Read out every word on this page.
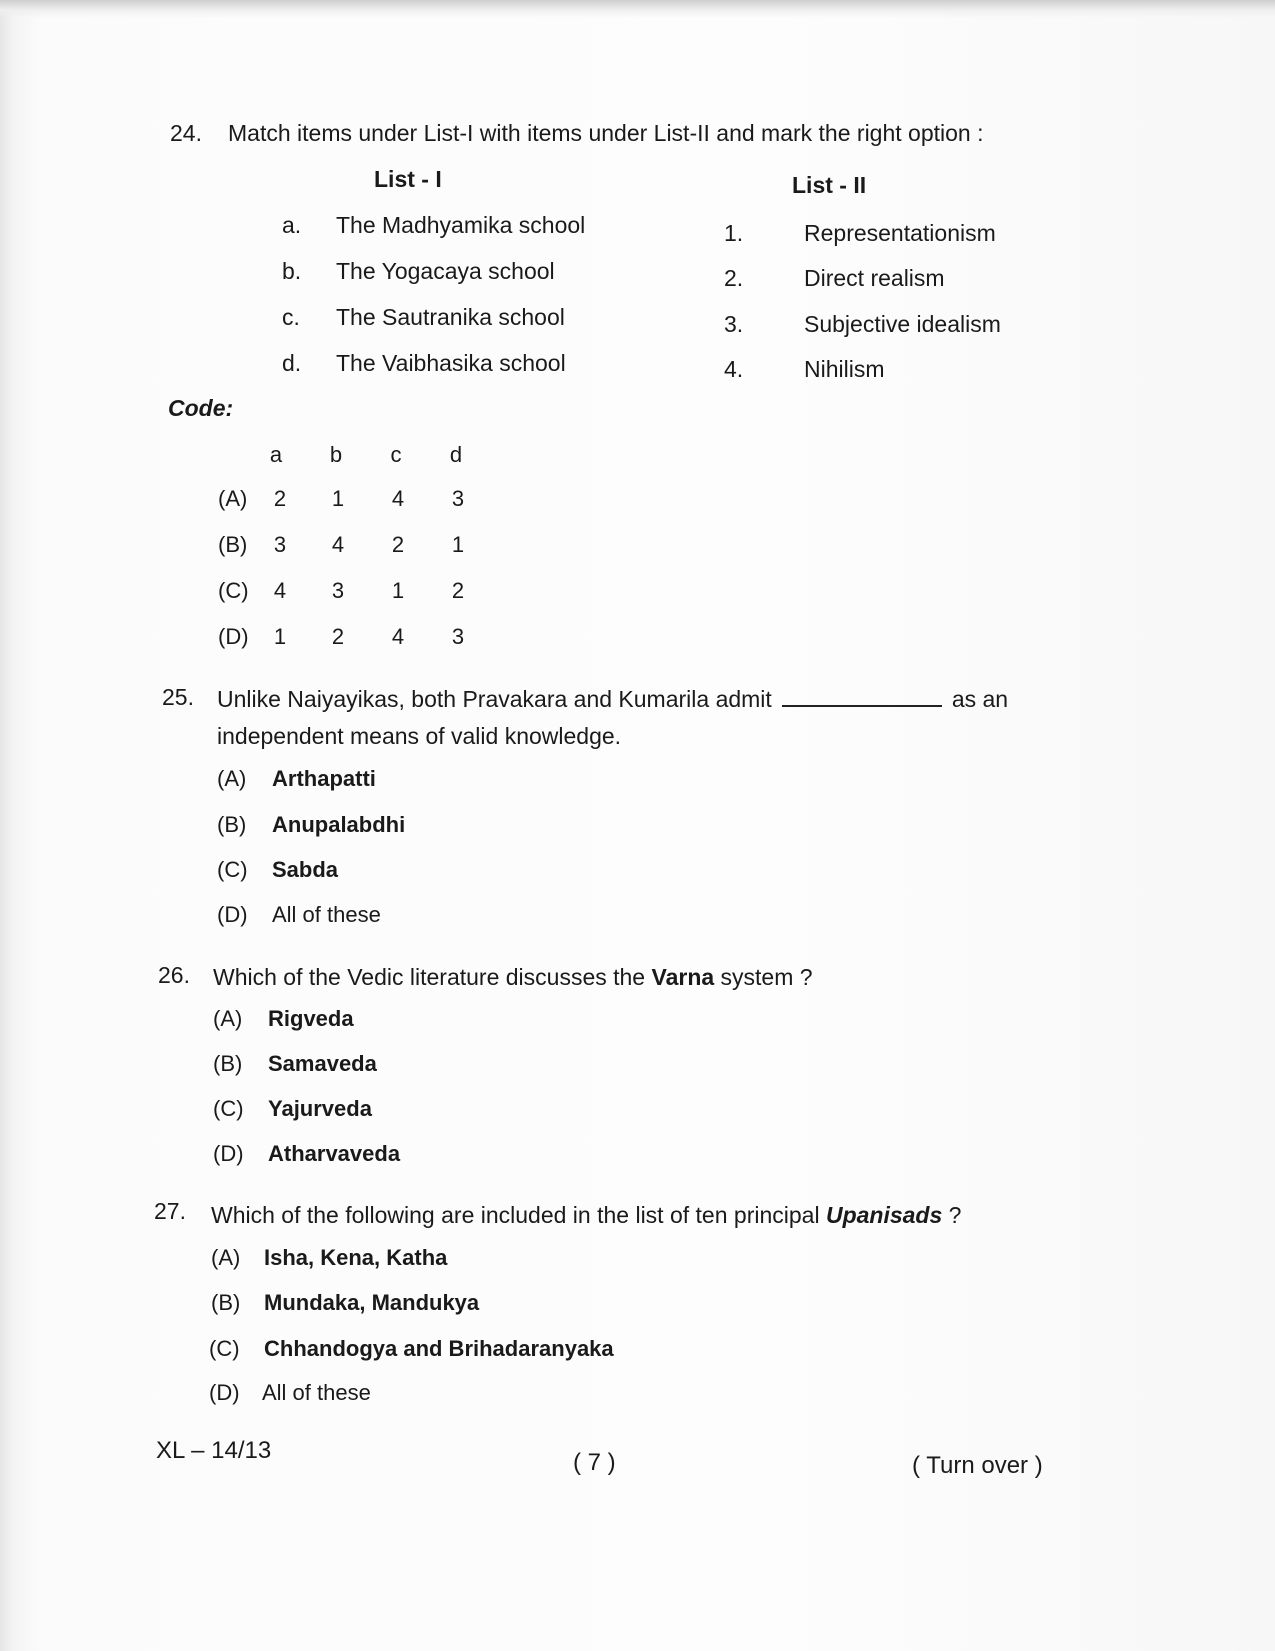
24. Match items under List-I with items under List-II and mark the right option :
List - I	List - II
a. The Madhyamika school
b. The Yogacaya school
c. The Sautranika school
d. The Vaibhasika school
1.	Representationism
2.	Direct realism
3.	Subjective idealism
4.	Nihilism
Code:
a b c d
(A) 2 1 4 3
(B) 3 4 2 1
(C) 4 3 1 2
(D) 1 2 4 3
25. Unlike Naiyayikas, both Pravakara and Kumarila admit	as an
independent means of valid knowledge.
(A) Arthapatti
(B) Anupalabdhi
(C) Sabda
(D) All of these
26. Which of the Vedic literature discusses the Varna system ?
(A) Rigveda
(B) Samaveda
(C) Yajurveda
(D) Atharvaveda
27. Which of the following are included in the list of ten principal Upanisads ?
(A) Isha, Kena, Katha
(B) Mundaka, Mandukya
(C) Chhandogya and Brihadaranyaka
(D) All of these
XL – 14/13	( 7 )	( Turn over )
